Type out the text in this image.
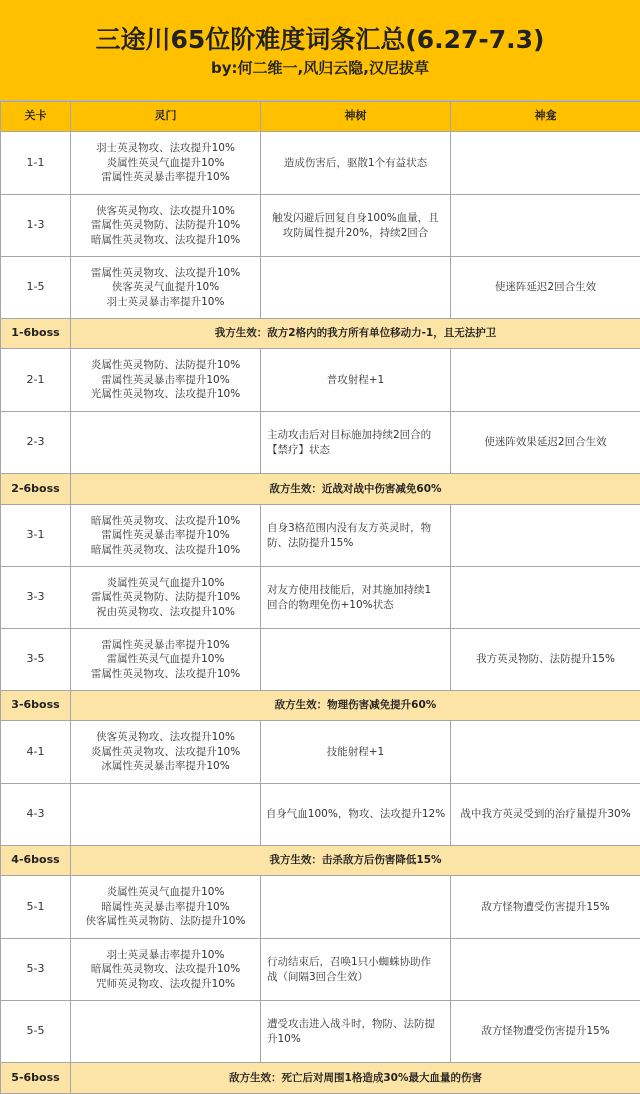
三途川65位阶难度词条汇总(6.27-7.3)
by:何二维一,风归云隐,汉尼拔草
关卡	灵门	神树	神龛
1-1	羽士英灵物攻、法攻提升10%
炎属性英灵气血提升10%
雷属性英灵暴击率提升10%	造成伤害后，驱散1个有益状态	

1-3	侠客英灵物攻、法攻提升10%
雷属性英灵物防、法防提升10%
暗属性英灵物攻、法攻提升10%	触发闪避后回复自身100%血量，且
攻防属性提升20%，持续2回合	

1-5	雷属性英灵物攻、法攻提升10%
侠客英灵气血提升10%
羽士英灵暴击率提升10%		使迷阵延迟2回合生效

1-6boss	我方生效：敌方2格内的我方所有单位移动力-1，且无法护卫		
2-1	炎属性英灵物防、法防提升10%
雷属性英灵暴击率提升10%
光属性英灵物攻、法攻提升10%	普攻射程+1	

2-3		主动攻击后对目标施加持续2回合的
【禁疗】状态	使迷阵效果延迟2回合生效

2-6boss	敌方生效：近战对战中伤害减免60%		
3-1	暗属性英灵物攻、法攻提升10%
雷属性英灵暴击率提升10%
暗属性英灵物攻、法攻提升10%	自身3格范围内没有友方英灵时，物
防、法防提升15%	

3-3	炎属性英灵气血提升10%
雷属性英灵物防、法防提升10%
祝由英灵物攻、法攻提升10%	对友方使用技能后，对其施加持续1
回合的物理免伤+10%状态	

3-5	雷属性英灵暴击率提升10%
雷属性英灵气血提升10%
雷属性英灵物攻、法攻提升10%		我方英灵物防、法防提升15%

3-6boss	敌方生效：物理伤害减免提升60%		
4-1	侠客英灵物攻、法攻提升10%
炎属性英灵物攻、法攻提升10%
冰属性英灵暴击率提升10%	技能射程+1	

4-3		自身气血100%，物攻、法攻提升12%	战中我方英灵受到的治疗量提升30%

4-6boss	我方生效：击杀敌方后伤害降低15%		
5-1	炎属性英灵气血提升10%
暗属性英灵暴击率提升10%
侠客属性英灵物防、法防提升10%		敌方怪物遭受伤害提升15%

5-3	羽士英灵暴击率提升10%
暗属性英灵物攻、法攻提升10%
咒师英灵物攻、法攻提升10%	行动结束后，召唤1只小蜘蛛协助作
战（间隔3回合生效）	

5-5		遭受攻击进入战斗时，物防、法防提
升10%	敌方怪物遭受伤害提升15%

5-6boss	敌方生效：死亡后对周围1格造成30%最大血量的伤害		
